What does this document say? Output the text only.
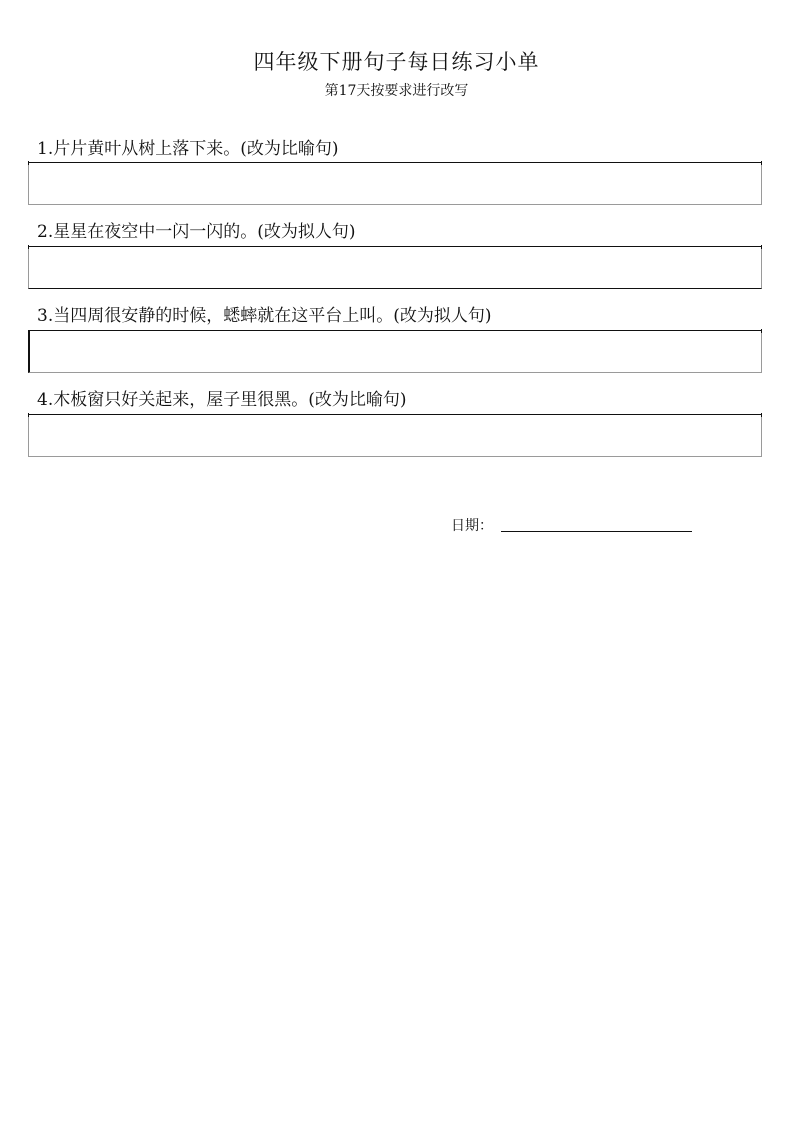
四年级下册句子每日练习小单
第17天按要求进行改写
1.片片黄叶从树上落下来。(改为比喻句)
2.星星在夜空中一闪一闪的。(改为拟人句)
3.当四周很安静的时候，蟋蟀就在这平台上叫。(改为拟人句)
4.木板窗只好关起来，屋子里很黑。(改为比喻句)
日期：
